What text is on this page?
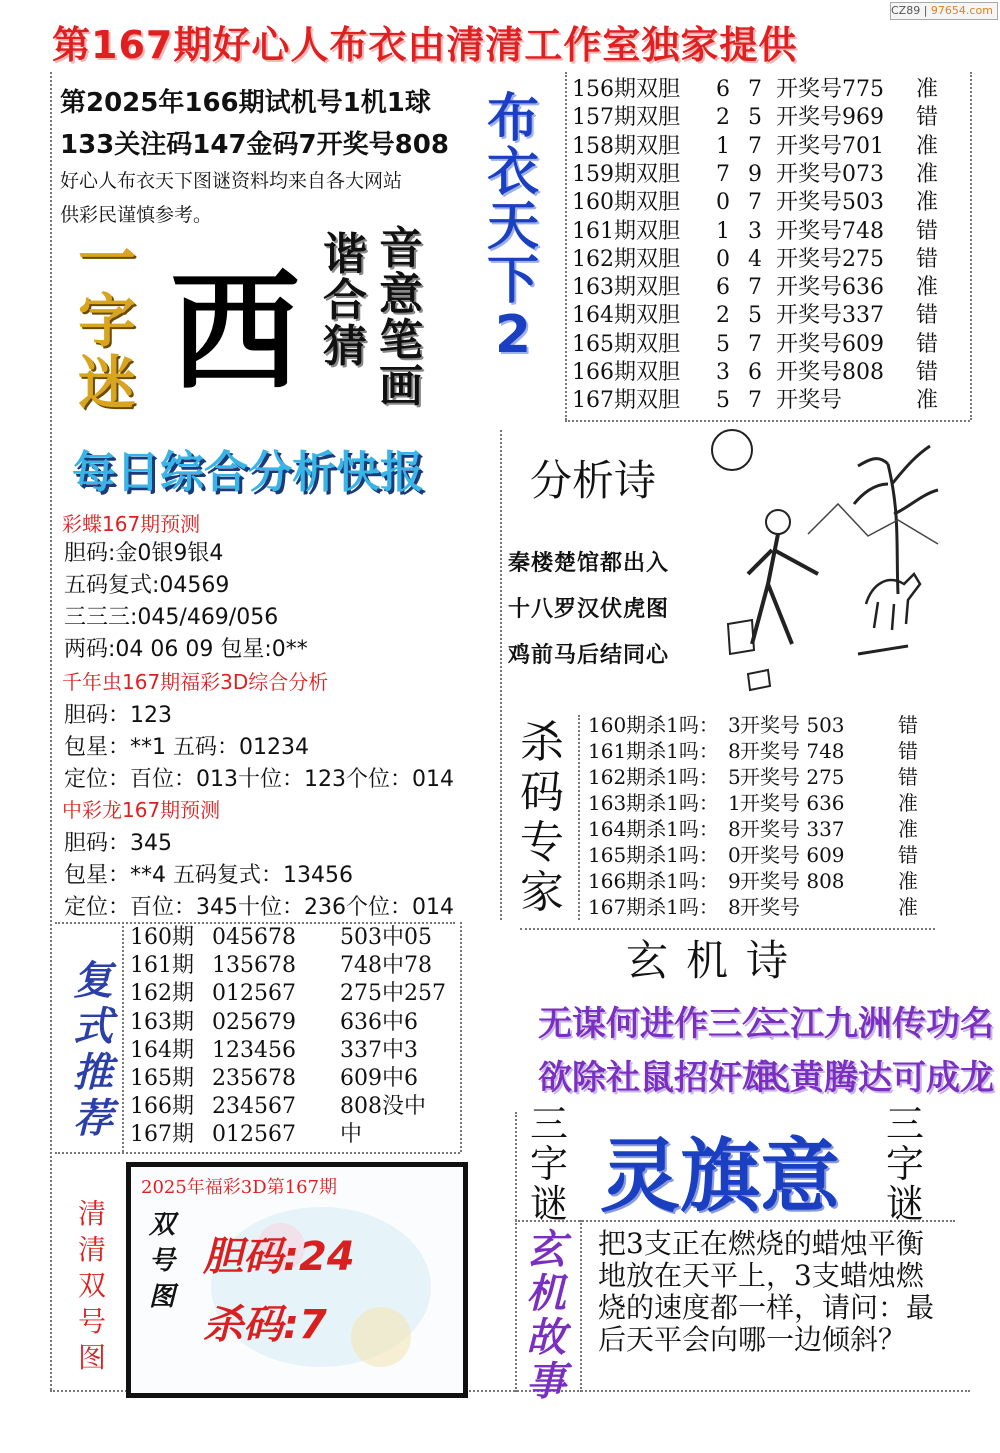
CZ89 | 97654.com
第167期好心人布衣由清清工作室独家提供
第2025年166期试机号1机1球
133关注码147金码7开奖号808
好心人布衣天下图谜资料均来自各大网站
供彩民谨慎参考。
布衣天下2
156期双胆 6 7 开奖号775 准
157期双胆 2 5 开奖号969 错
158期双胆 1 7 开奖号701 准
159期双胆 7 9 开奖号073 准
160期双胆 0 7 开奖号503 准
161期双胆 1 3 开奖号748 错
162期双胆 0 4 开奖号275 错
163期双胆 6 7 开奖号636 准
164期双胆 2 5 开奖号337 错
165期双胆 5 7 开奖号609 错
166期双胆 3 6 开奖号808 错
167期双胆 5 7 开奖号	准
一字迷 西
谐合猜
音意笔画
每日综合分析快报	分析诗
秦楼楚馆都出入
十八罗汉伏虎图
鸡前马后结同心
彩蝶167期预测
胆码:金0银9银4
五码复式:04569
三三三:045/469/056
两码:04 06 09 包星:0**
千年虫167期福彩3D综合分析
胆码：123
包星：**1 五码：01234
定位：百位：013十位：123个位：014
中彩龙167期预测
胆码：345
包星：**4 五码复式：13456
定位：百位：345十位：236个位：014
杀码专家
160期杀1吗： 3 开奖号 503	错
161期杀1吗： 8 开奖号 748	错
162期杀1吗： 5 开奖号 275	错
163期杀1吗： 1 开奖号 636	准
164期杀1吗： 8 开奖号 337	准
165期杀1吗： 0 开奖号 609	错
166期杀1吗： 9 开奖号 808	准
167期杀1吗： 8 开奖号	准
复式推荐
160期 045678 503中05
161期 135678 748中78
162期 012567 275中257
163期 025679 636中6
164期 123456 337中3
165期 235678 609中6
166期 234567 808没中
167期 012567 中
玄机诗
无谋何进作三公
三江九洲传功名
欲除社鼠招奸雄
飞黄腾达可成龙
三字谜 灵旗意
三字谜
清清双号图
2025年福彩3D第167期
双号图
胆码:24
杀码:7
玄机故事
把3支正在燃烧的蜡烛平衡地放在天平上，3支蜡烛燃烧的速度都一样，请问：最后天平会向哪一边倾斜？
